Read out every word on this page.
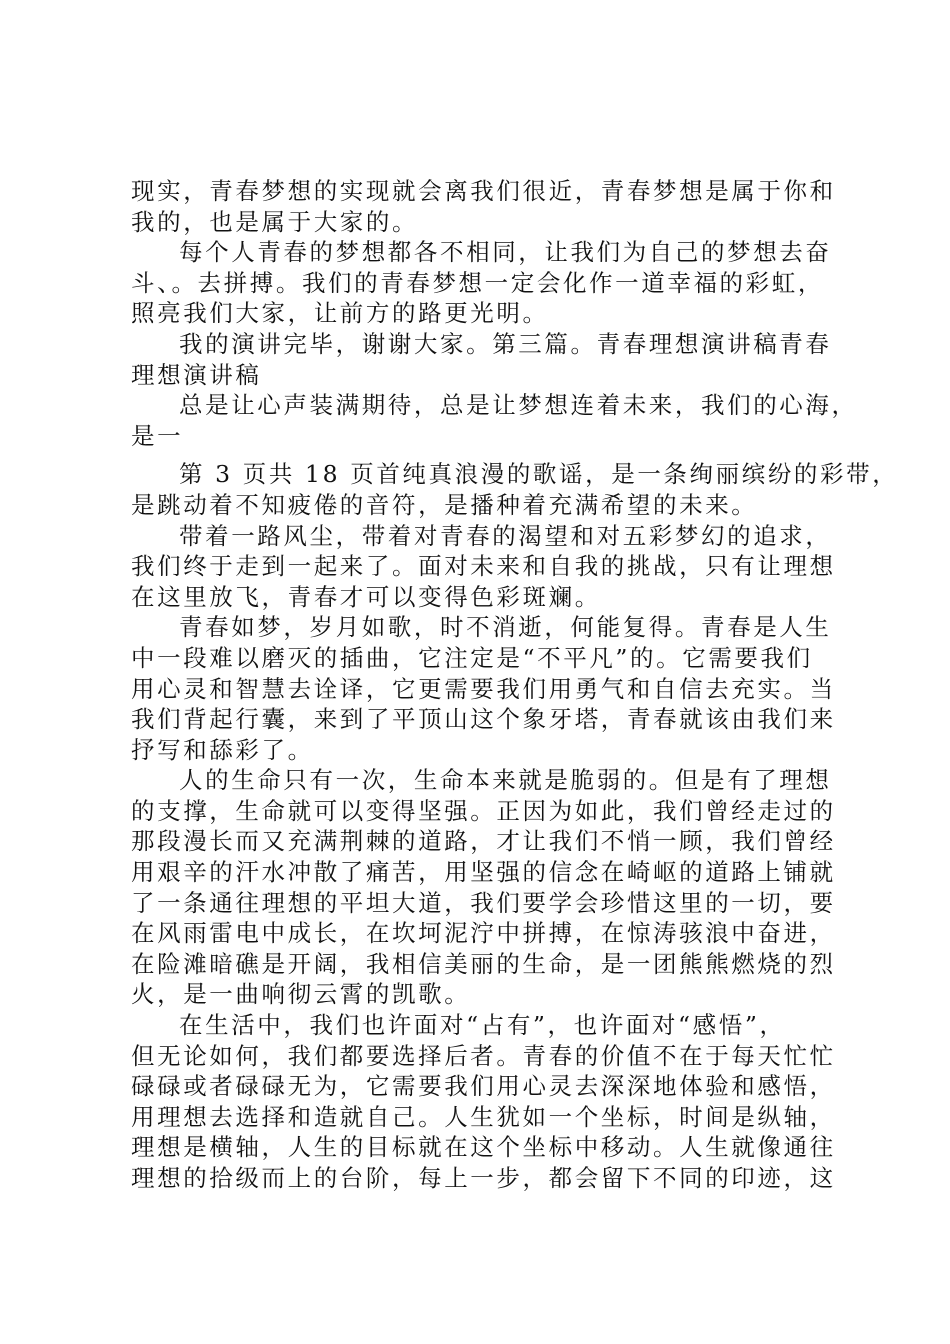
现实，青春梦想的实现就会离我们很近，青春梦想是属于你和
我的，也是属于大家的。
每个人青春的梦想都各不相同，让我们为自己的梦想去奋
斗、。去拼搏。我们的青春梦想一定会化作一道幸福的彩虹，
照亮我们大家，让前方的路更光明。
我的演讲完毕，谢谢大家。第三篇。青春理想演讲稿青春
理想演讲稿
总是让心声装满期待，总是让梦想连着未来，我们的心海，
是一
第 3 页共 18 页首纯真浪漫的歌谣，是一条绚丽缤纷的彩带，
是跳动着不知疲倦的音符，是播种着充满希望的未来。
带着一路风尘，带着对青春的渴望和对五彩梦幻的追求，
我们终于走到一起来了。面对未来和自我的挑战，只有让理想
在这里放飞，青春才可以变得色彩斑斓。
青春如梦，岁月如歌，时不消逝，何能复得。青春是人生
中一段难以磨灭的插曲，它注定是“不平凡”的。它需要我们
用心灵和智慧去诠译，它更需要我们用勇气和自信去充实。当
我们背起行囊，来到了平顶山这个象牙塔，青春就该由我们来
抒写和舔彩了。
人的生命只有一次，生命本来就是脆弱的。但是有了理想
的支撑，生命就可以变得坚强。正因为如此，我们曾经走过的
那段漫长而又充满荆棘的道路，才让我们不悄一顾，我们曾经
用艰辛的汗水冲散了痛苦，用坚强的信念在崎岖的道路上铺就
了一条通往理想的平坦大道，我们要学会珍惜这里的一切，要
在风雨雷电中成长，在坎坷泥泞中拼搏，在惊涛骇浪中奋进，
在险滩暗礁是开阔，我相信美丽的生命，是一团熊熊燃烧的烈
火，是一曲响彻云霄的凯歌。
在生活中，我们也许面对“占有”，也许面对“感悟”，
但无论如何，我们都要选择后者。青春的价值不在于每天忙忙
碌碌或者碌碌无为，它需要我们用心灵去深深地体验和感悟，
用理想去选择和造就自己。人生犹如一个坐标，时间是纵轴，
理想是横轴，人生的目标就在这个坐标中移动。人生就像通往
理想的拾级而上的台阶，每上一步，都会留下不同的印迹，这
